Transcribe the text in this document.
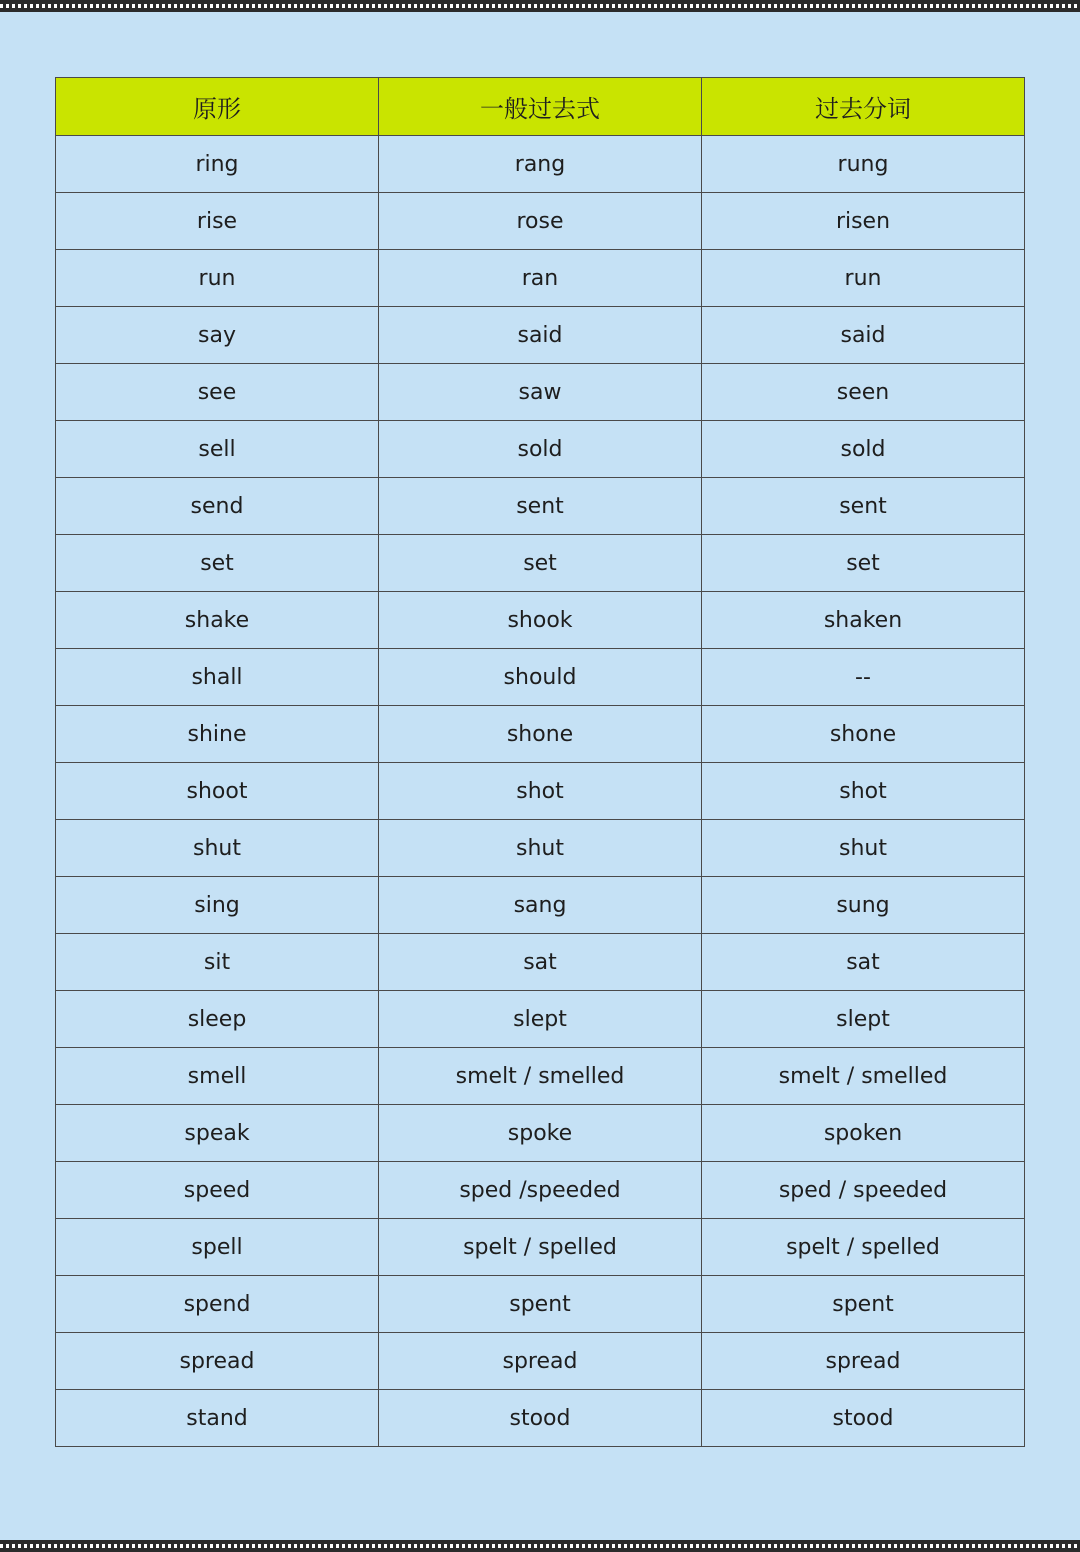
原形	一般过去式	过去分词
ring	rang	rung
rise	rose	risen
run	ran	run
say	said	said
see	saw	seen
sell	sold	sold
send	sent	sent
set	set	set
shake	shook	shaken
shall	should	--
shine	shone	shone
shoot	shot	shot
shut	shut	shut
sing	sang	sung
sit	sat	sat
sleep	slept	slept
smell	smelt / smelled	smelt / smelled
speak	spoke	spoken
speed	sped /speeded	sped / speeded
spell	spelt / spelled	spelt / spelled
spend	spent	spent
spread	spread	spread
stand	stood	stood
